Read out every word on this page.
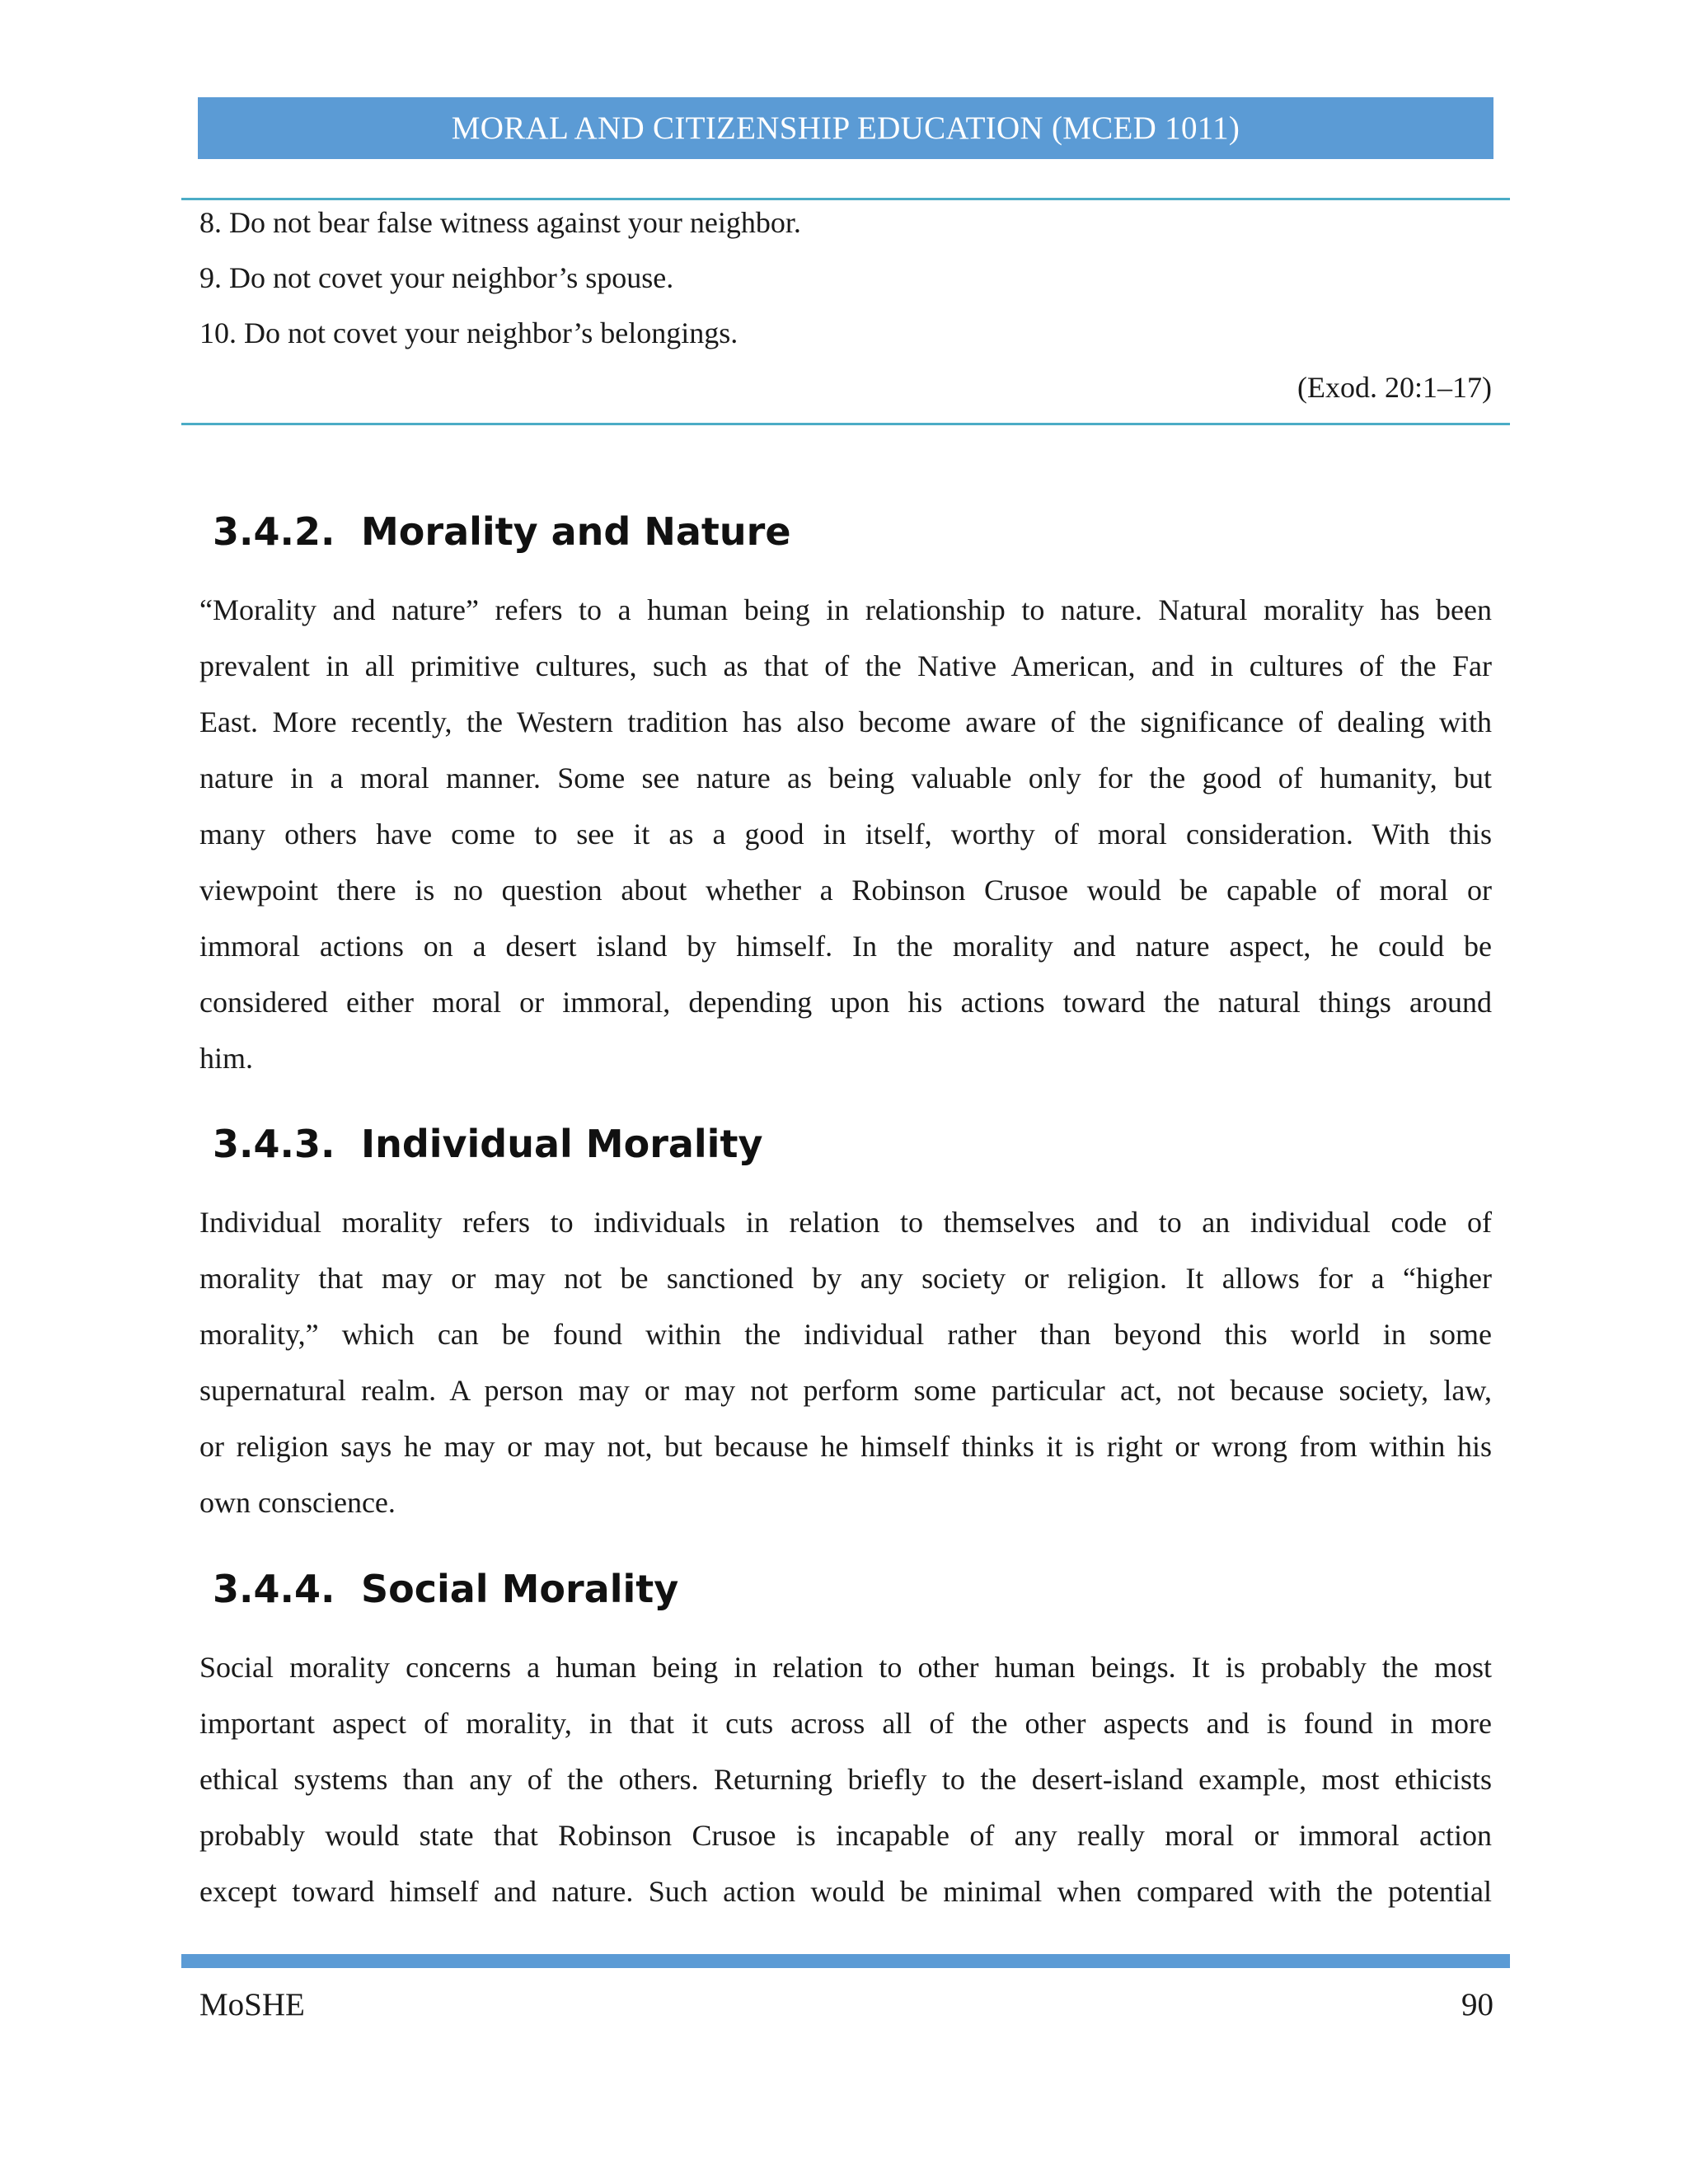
MORAL AND CITIZENSHIP EDUCATION (MCED 1011)
8. Do not bear false witness against your neighbor.
9. Do not covet your neighbor’s spouse.
10. Do not covet your neighbor’s belongings.
(Exod. 20:1–17)
3.4.2. Morality and Nature
“Morality and nature” refers to a human being in relationship to nature. Natural morality has been
prevalent in all primitive cultures, such as that of the Native American, and in cultures of the Far
East. More recently, the Western tradition has also become aware of the significance of dealing with
nature in a moral manner. Some see nature as being valuable only for the good of humanity, but
many others have come to see it as a good in itself, worthy of moral consideration. With this
viewpoint there is no question about whether a Robinson Crusoe would be capable of moral or
immoral actions on a desert island by himself. In the morality and nature aspect, he could be
considered either moral or immoral, depending upon his actions toward the natural things around
him.
3.4.3. Individual Morality
Individual morality refers to individuals in relation to themselves and to an individual code of
morality that may or may not be sanctioned by any society or religion. It allows for a “higher
morality,” which can be found within the individual rather than beyond this world in some
supernatural realm. A person may or may not perform some particular act, not because society, law,
or religion says he may or may not, but because he himself thinks it is right or wrong from within his
own conscience.
3.4.4. Social Morality
Social morality concerns a human being in relation to other human beings. It is probably the most
important aspect of morality, in that it cuts across all of the other aspects and is found in more
ethical systems than any of the others. Returning briefly to the desert-island example, most ethicists
probably would state that Robinson Crusoe is incapable of any really moral or immoral action
except toward himself and nature. Such action would be minimal when compared with the potential
MoSHE	90
